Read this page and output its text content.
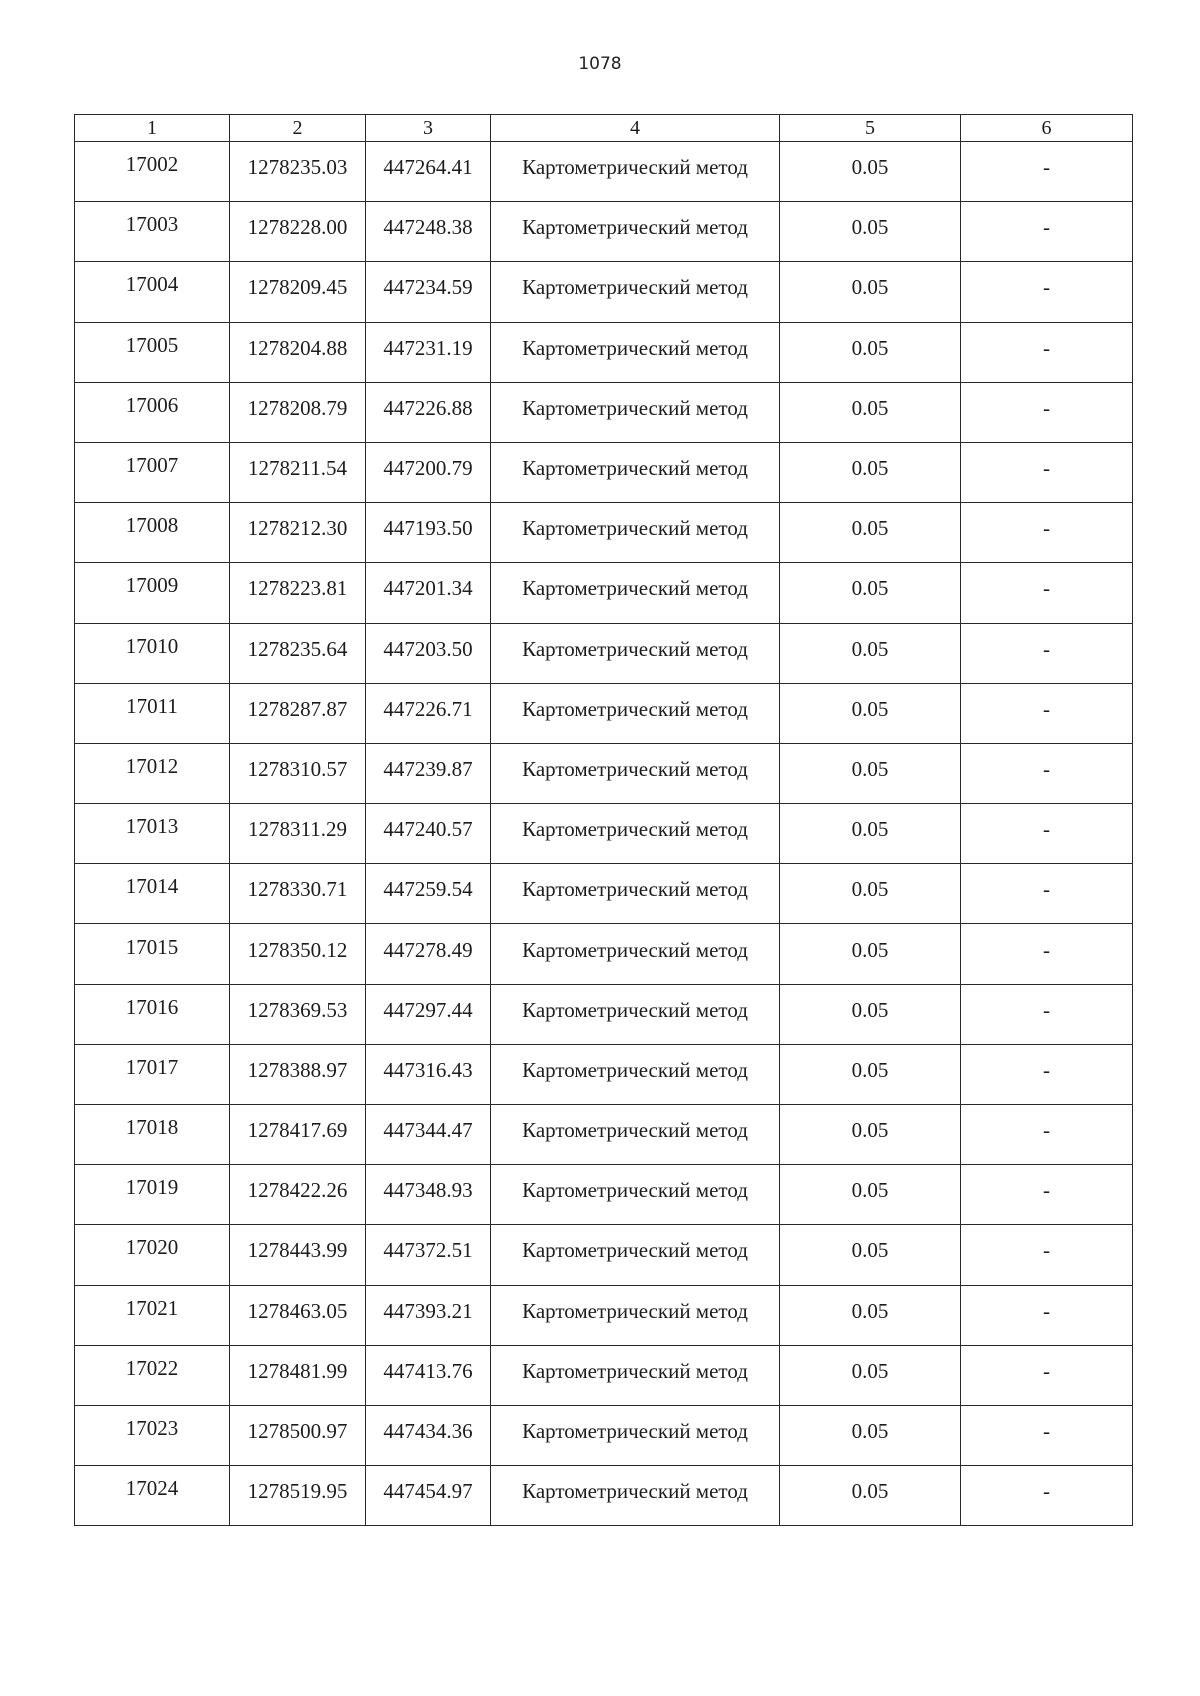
1078
1	2	3	4	5	6
17002	1278235.03	447264.41	Картометрический метод	0.05	-
17003	1278228.00	447248.38	Картометрический метод	0.05	-
17004	1278209.45	447234.59	Картометрический метод	0.05	-
17005	1278204.88	447231.19	Картометрический метод	0.05	-
17006	1278208.79	447226.88	Картометрический метод	0.05	-
17007	1278211.54	447200.79	Картометрический метод	0.05	-
17008	1278212.30	447193.50	Картометрический метод	0.05	-
17009	1278223.81	447201.34	Картометрический метод	0.05	-
17010	1278235.64	447203.50	Картометрический метод	0.05	-
17011	1278287.87	447226.71	Картометрический метод	0.05	-
17012	1278310.57	447239.87	Картометрический метод	0.05	-
17013	1278311.29	447240.57	Картометрический метод	0.05	-
17014	1278330.71	447259.54	Картометрический метод	0.05	-
17015	1278350.12	447278.49	Картометрический метод	0.05	-
17016	1278369.53	447297.44	Картометрический метод	0.05	-
17017	1278388.97	447316.43	Картометрический метод	0.05	-
17018	1278417.69	447344.47	Картометрический метод	0.05	-
17019	1278422.26	447348.93	Картометрический метод	0.05	-
17020	1278443.99	447372.51	Картометрический метод	0.05	-
17021	1278463.05	447393.21	Картометрический метод	0.05	-
17022	1278481.99	447413.76	Картометрический метод	0.05	-
17023	1278500.97	447434.36	Картометрический метод	0.05	-
17024	1278519.95	447454.97	Картометрический метод	0.05	-
